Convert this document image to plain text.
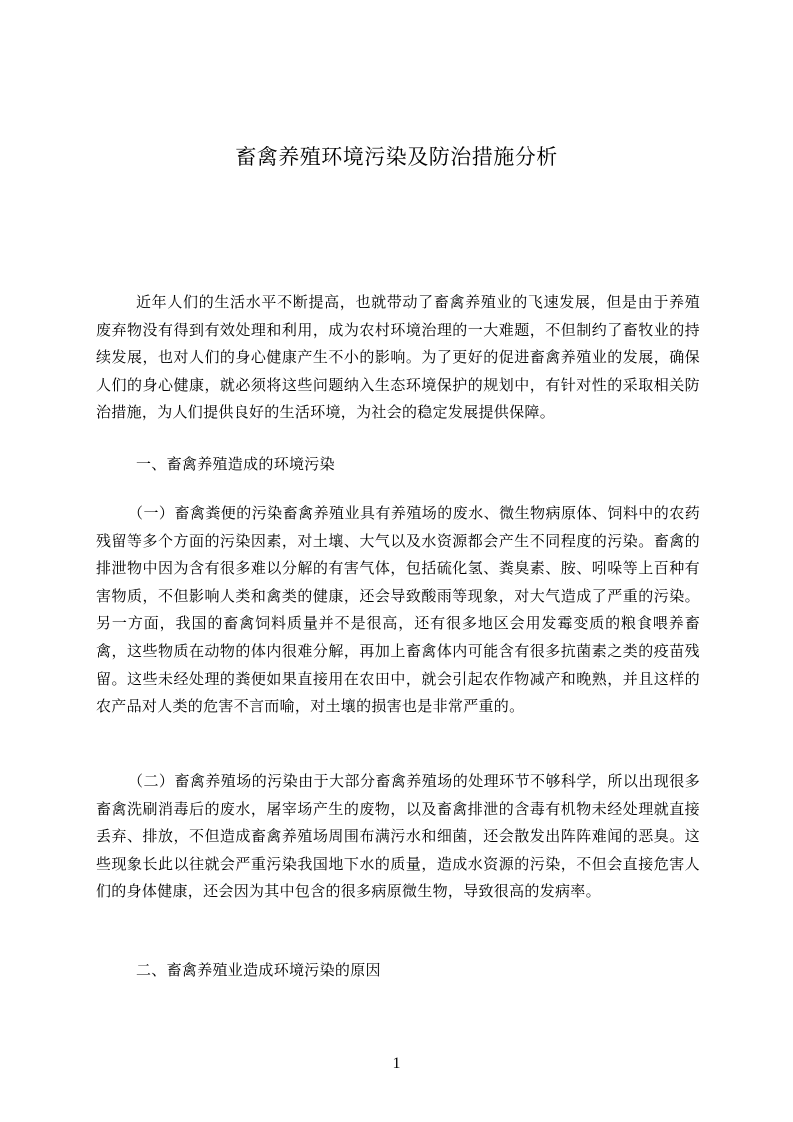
畜禽养殖环境污染及防治措施分析

近年人们的生活水平不断提高，也就带动了畜禽养殖业的飞速发展，但是由于养殖废弃物没有得到有效处理和利用，成为农村环境治理的一大难题，不但制约了畜牧业的持续发展，也对人们的身心健康产生不小的影响。为了更好的促进畜禽养殖业的发展，确保人们的身心健康，就必须将这些问题纳入生态环境保护的规划中，有针对性的采取相关防治措施，为人们提供良好的生活环境，为社会的稳定发展提供保障。

一、畜禽养殖造成的环境污染

（一）畜禽粪便的污染畜禽养殖业具有养殖场的废水、微生物病原体、饲料中的农药残留等多个方面的污染因素，对土壤、大气以及水资源都会产生不同程度的污染。畜禽的排泄物中因为含有很多难以分解的有害气体，包括硫化氢、粪臭素、胺、吲哚等上百种有害物质，不但影响人类和禽类的健康，还会导致酸雨等现象，对大气造成了严重的污染。另一方面，我国的畜禽饲料质量并不是很高，还有很多地区会用发霉变质的粮食喂养畜禽，这些物质在动物的体内很难分解，再加上畜禽体内可能含有很多抗菌素之类的疫苗残留。这些未经处理的粪便如果直接用在农田中，就会引起农作物减产和晚熟，并且这样的农产品对人类的危害不言而喻，对土壤的损害也是非常严重的。

（二）畜禽养殖场的污染由于大部分畜禽养殖场的处理环节不够科学，所以出现很多畜禽洗刷消毒后的废水，屠宰场产生的废物，以及畜禽排泄的含毒有机物未经处理就直接丢弃、排放，不但造成畜禽养殖场周围布满污水和细菌，还会散发出阵阵难闻的恶臭。这些现象长此以往就会严重污染我国地下水的质量，造成水资源的污染，不但会直接危害人们的身体健康，还会因为其中包含的很多病原微生物，导致很高的发病率。

二、畜禽养殖业造成环境污染的原因
1
